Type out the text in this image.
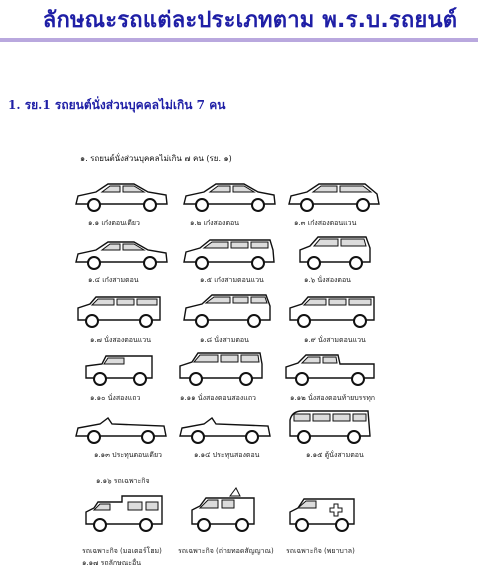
ลักษณะรถแต่ละประเภทตาม พ.ร.บ.รถยนต์
1. รย.1 รถยนต์นั่งส่วนบุคคลไม่เกิน 7 คน
๑. รถยนต์นั่งส่วนบุคคลไม่เกิน ๗ คน (รย. ๑)
๑.๑ เก๋งตอนเดียว	๑.๒ เก๋งสองตอน	๑.๓ เก๋งสองตอนแวน
๑.๔ เก๋งสามตอน	๑.๕ เก๋งสามตอนแวน	๑.๖ นั่งสองตอน
๑.๗ นั่งสองตอนแวน	๑.๘ นั่งสามตอน	๑.๙ นั่งสามตอนแวน
๑.๑๐ นั่งสองแถว	๑.๑๑ นั่งสองตอนสองแถว	๑.๑๒ นั่งสองตอนท้ายบรรทุก
๑.๑๓ ประทุนตอนเดียว	๑.๑๔ ประทุนสองตอน	๑.๑๕ ตู้นั่งสามตอน
๑.๑๖ รถเฉพาะกิจ
รถเฉพาะกิจ (มอเตอร์โฮม) รถเฉพาะกิจ (ถ่ายทอดสัญญาณ) รถเฉพาะกิจ (พยาบาล)
๑.๑๗ รถลักษณะอื่น
